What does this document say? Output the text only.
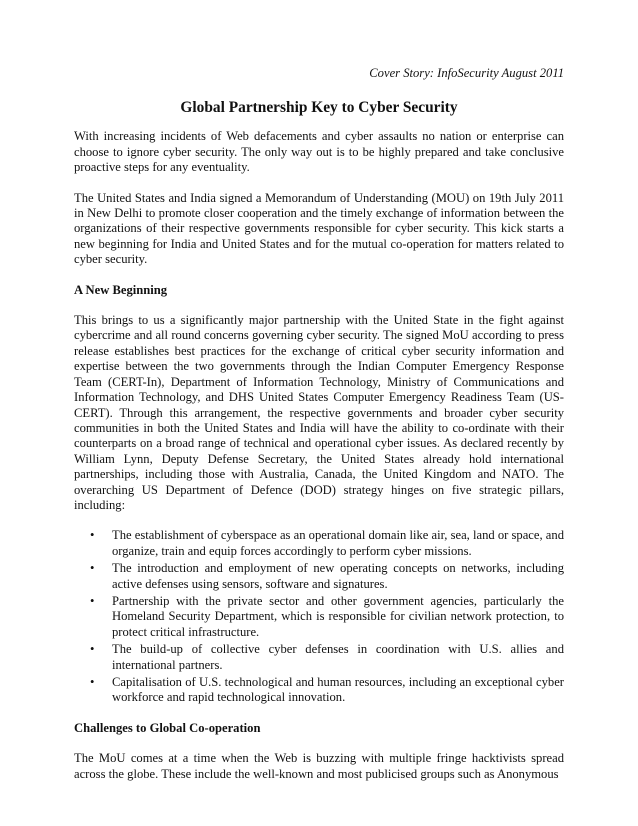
Cover Story: InfoSecurity August 2011
Global Partnership Key to Cyber Security

With increasing incidents of Web defacements and cyber assaults no nation or enterprise can choose to ignore cyber security. The only way out is to be highly prepared and take conclusive proactive steps for any eventuality.

The United States and India signed a Memorandum of Understanding (MOU) on 19th July 2011 in New Delhi to promote closer cooperation and the timely exchange of information between the organizations of their respective governments responsible for cyber security. This kick starts a new beginning for India and United States and for the mutual co-operation for matters related to cyber security.

A New Beginning

This brings to us a significantly major partnership with the United State in the fight against cybercrime and all round concerns governing cyber security. The signed MoU according to press release establishes best practices for the exchange of critical cyber security information and expertise between the two governments through the Indian Computer Emergency Response Team (CERT-In), Department of Information Technology, Ministry of Communications and Information Technology, and DHS United States Computer Emergency Readiness Team (US-CERT). Through this arrangement, the respective governments and broader cyber security communities in both the United States and India will have the ability to co-ordinate with their counterparts on a broad range of technical and operational cyber issues. As declared recently by William Lynn, Deputy Defense Secretary, the United States already hold international partnerships, including those with Australia, Canada, the United Kingdom and NATO. The overarching US Department of Defence (DOD) strategy hinges on five strategic pillars, including:

• The establishment of cyberspace as an operational domain like air, sea, land or space, and organize, train and equip forces accordingly to perform cyber missions.
• The introduction and employment of new operating concepts on networks, including active defenses using sensors, software and signatures.
• Partnership with the private sector and other government agencies, particularly the Homeland Security Department, which is responsible for civilian network protection, to protect critical infrastructure.
• The build-up of collective cyber defenses in coordination with U.S. allies and international partners.
• Capitalisation of U.S. technological and human resources, including an exceptional cyber workforce and rapid technological innovation.
Challenges to Global Co-operation

The MoU comes at a time when the Web is buzzing with multiple fringe hacktivists spread across the globe. These include the well-known and most publicised groups such as Anonymous
